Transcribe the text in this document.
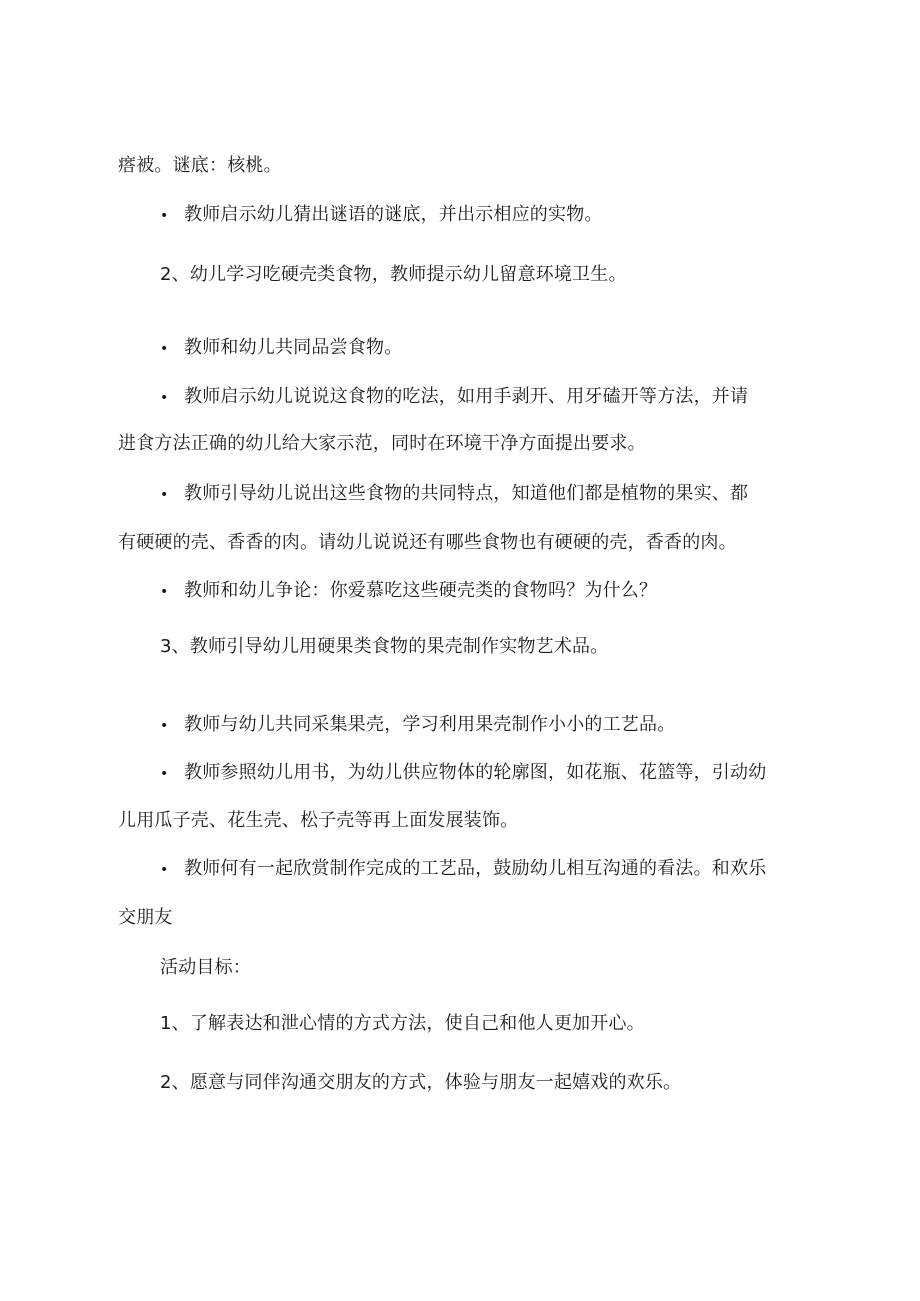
瘩被。谜底：核桃。
• 教师启示幼儿猜出谜语的谜底，并出示相应的实物。
2、幼儿学习吃硬壳类食物，教师提示幼儿留意环境卫生。
• 教师和幼儿共同品尝食物。
• 教师启示幼儿说说这食物的吃法，如用手剥开、用牙磕开等方法，并请
进食方法正确的幼儿给大家示范，同时在环境干净方面提出要求。
• 教师引导幼儿说出这些食物的共同特点，知道他们都是植物的果实、都
有硬硬的壳、香香的肉。请幼儿说说还有哪些食物也有硬硬的壳，香香的肉。
• 教师和幼儿争论：你爱慕吃这些硬壳类的食物吗？为什么？
3、教师引导幼儿用硬果类食物的果壳制作实物艺术品。
• 教师与幼儿共同采集果壳，学习利用果壳制作小小的工艺品。
• 教师参照幼儿用书，为幼儿供应物体的轮廓图，如花瓶、花篮等，引动幼
儿用瓜子壳、花生壳、松子壳等再上面发展装饰。
• 教师何有一起欣赏制作完成的工艺品，鼓励幼儿相互沟通的看法。和欢乐
交朋友
活动目标：
1、了解表达和泄心情的方式方法，使自己和他人更加开心。
2、愿意与同伴沟通交朋友的方式，体验与朋友一起嬉戏的欢乐。
